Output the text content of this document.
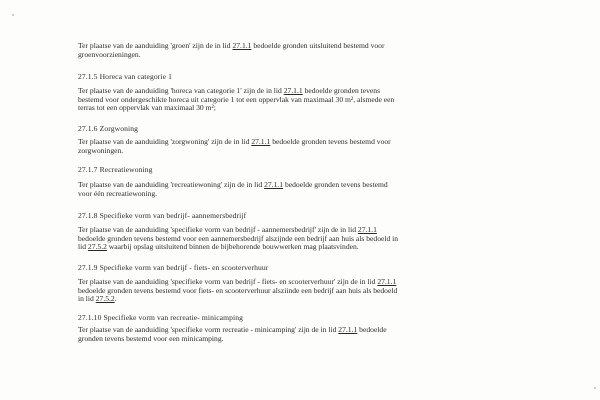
Ter plaatse van de aanduiding 'groen' zijn de in lid 27.1.1 bedoelde gronden uitsluitend bestemd voor

groenvoorzieningen.

27.1.5 Horeca van categorie 1

Ter plaatse van de aanduiding 'horeca van categorie 1' zijn de in lid 27.1.1 bedoelde gronden tevens

bestemd voor ondergeschikte horeca uit categorie 1 tot een oppervlak van maximaal 30 m², alsmede een

terras tot een oppervlak van maximaal 30 m²;

27.1.6 Zorgwoning

Ter plaatse van de aanduiding 'zorgwoning' zijn de in lid 27.1.1 bedoelde gronden tevens bestemd voor

zorgwoningen.

27.1.7 Recreatiewoning

Ter plaatse van de aanduiding 'recreatiewoning' zijn de in lid 27.1.1 bedoelde gronden tevens bestemd

voor één recreatiewoning.

27.1.8 Specifieke vorm van bedrijf- aannemersbedrijf

Ter plaatse van de aanduiding 'specifieke vorm van bedrijf - aannemersbedrijf' zijn de in lid 27.1.1

bedoelde gronden tevens bestemd voor een aannemersbedrijf alszijnde een bedrijf aan huis als bedoeld in

lid 27.5.2 waarbij opslag uitsluitend binnen de bijbehorende bouwwerken mag plaatsvinden.

27.1.9 Specifieke vorm van bedrijf - fiets- en scooterverhuur

Ter plaatse van de aanduiding 'specifieke vorm van bedrijf - fiets- en scooterverhuur' zijn de in lid 27.1.1

bedoelde gronden tevens bestemd voor fiets- en scooterverhuur alsziinde een bedrijf aan huis als bedoeld

in lid 27.5.2.

27.1.10 Specifieke vorm van recreatie- minicamping

Ter plaatse van de aanduiding 'specifieke vorm recreatie - minicamping' zijn de in lid 27.1.1 bedoelde

gronden tevens bestemd voor een minicamping.
